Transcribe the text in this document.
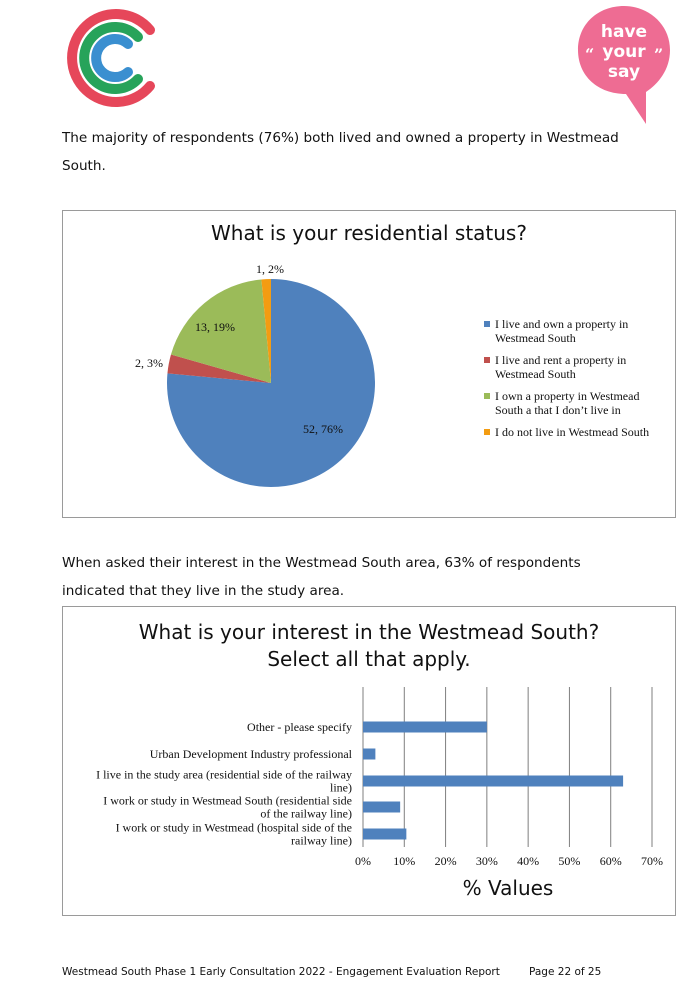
have
your
say
“	”
The majority of respondents (76%) both lived and owned a property in Westmead South.
What is your residential status?
52, 76%
2, 3%
13, 19%
1, 2%
I live and own a property in
Westmead South
I live and rent a property in
Westmead South
I own a property in Westmead
South a that I don’t live in
I do not live in Westmead South
When asked their interest in the Westmead South area, 63% of respondents indicated that they live in the study area.
What is your interest in the Westmead South?
Select all that apply.
Other - please specify
Urban Development Industry professional
I live in the study area (residential side of the railway
line)
I work or study in Westmead South (residential side
of the railway line)
I work or study in Westmead (hospital side of the
railway line)
0% 10% 20% 30% 40% 50% 60% 70%
% Values
Westmead South Phase 1 Early Consultation 2022 - Engagement Evaluation Report	Page 22 of 25
